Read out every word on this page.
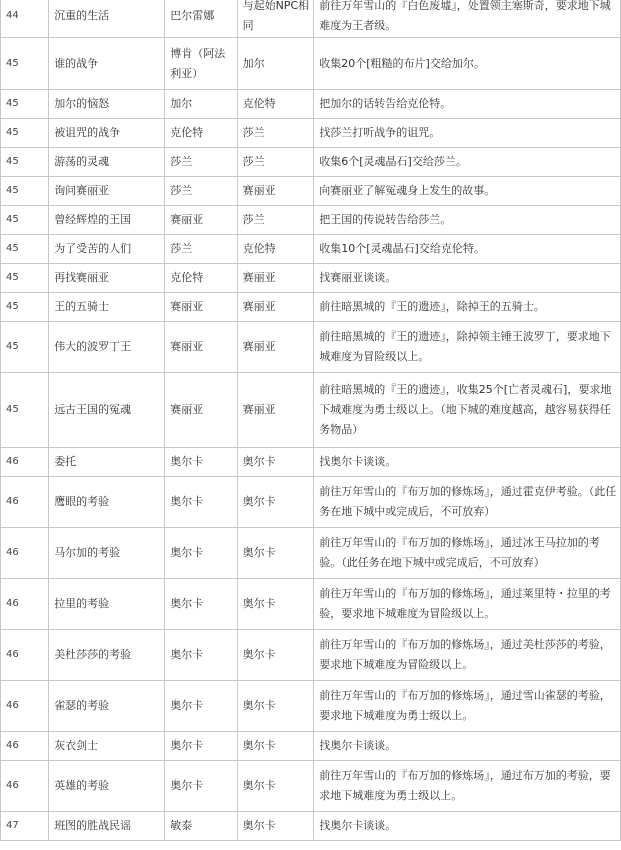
44	沉重的生活	巴尔雷娜	与起始NPC相同	前往万年雪山的『白色废墟』，处置领主塞斯奇，要求地下城难度为王者级。
45	谁的战争	博肯（阿法利亚）	加尔	收集20个[粗糙的布片]交给加尔。
45	加尔的恼怒	加尔	克伦特	把加尔的话转告给克伦特。
45	被诅咒的战争	克伦特	莎兰	找莎兰打听战争的诅咒。
45	游荡的灵魂	莎兰	莎兰	收集6个[灵魂晶石]交给莎兰。
45	询问赛丽亚	莎兰	赛丽亚	向赛丽亚了解冤魂身上发生的故事。
45	曾经辉煌的王国	赛丽亚	莎兰	把王国的传说转告给莎兰。
45	为了受苦的人们	莎兰	克伦特	收集10个[灵魂晶石]交给克伦特。
45	再找赛丽亚	克伦特	赛丽亚	找赛丽亚谈谈。
45	王的五骑士	赛丽亚	赛丽亚	前往暗黑城的『王的遗迹』，除掉王的五骑士。
45	伟大的波罗丁王	赛丽亚	赛丽亚	前往暗黑城的『王的遗迹』，除掉领主锤王波罗丁，要求地下城难度为冒险级以上。
45	远古王国的冤魂	赛丽亚	赛丽亚	前往暗黑城的『王的遗迹』，收集25个[亡者灵魂石]，要求地下城难度为勇士级以上。（地下城的难度越高，越容易获得任务物品）
46	委托	奥尔卡	奥尔卡	找奥尔卡谈谈。
46	鹰眼的考验	奥尔卡	奥尔卡	前往万年雪山的『布万加的修炼场』，通过霍克伊考验。（此任务在地下城中或完成后，不可放弃）
46	马尔加的考验	奥尔卡	奥尔卡	前往万年雪山的『布万加的修炼场』，通过冰王马拉加的考验。（此任务在地下城中或完成后，不可放弃）
46	拉里的考验	奥尔卡	奥尔卡	前往万年雪山的『布万加的修炼场』，通过莱里特・拉里的考验，要求地下城难度为冒险级以上。
46	美杜莎莎的考验	奥尔卡	奥尔卡	前往万年雪山的『布万加的修炼场』，通过美杜莎莎的考验，要求地下城难度为冒险级以上。
46	雀瑟的考验	奥尔卡	奥尔卡	前往万年雪山的『布万加的修炼场』，通过雪山雀瑟的考验，要求地下城难度为勇士级以上。
46	灰衣剑士	奥尔卡	奥尔卡	找奥尔卡谈谈。
46	英雄的考验	奥尔卡	奥尔卡	前往万年雪山的『布万加的修炼场』，通过布万加的考验，要求地下城难度为勇士级以上。
47	班图的胜战民谣	敏泰	奥尔卡	找奥尔卡谈谈。
